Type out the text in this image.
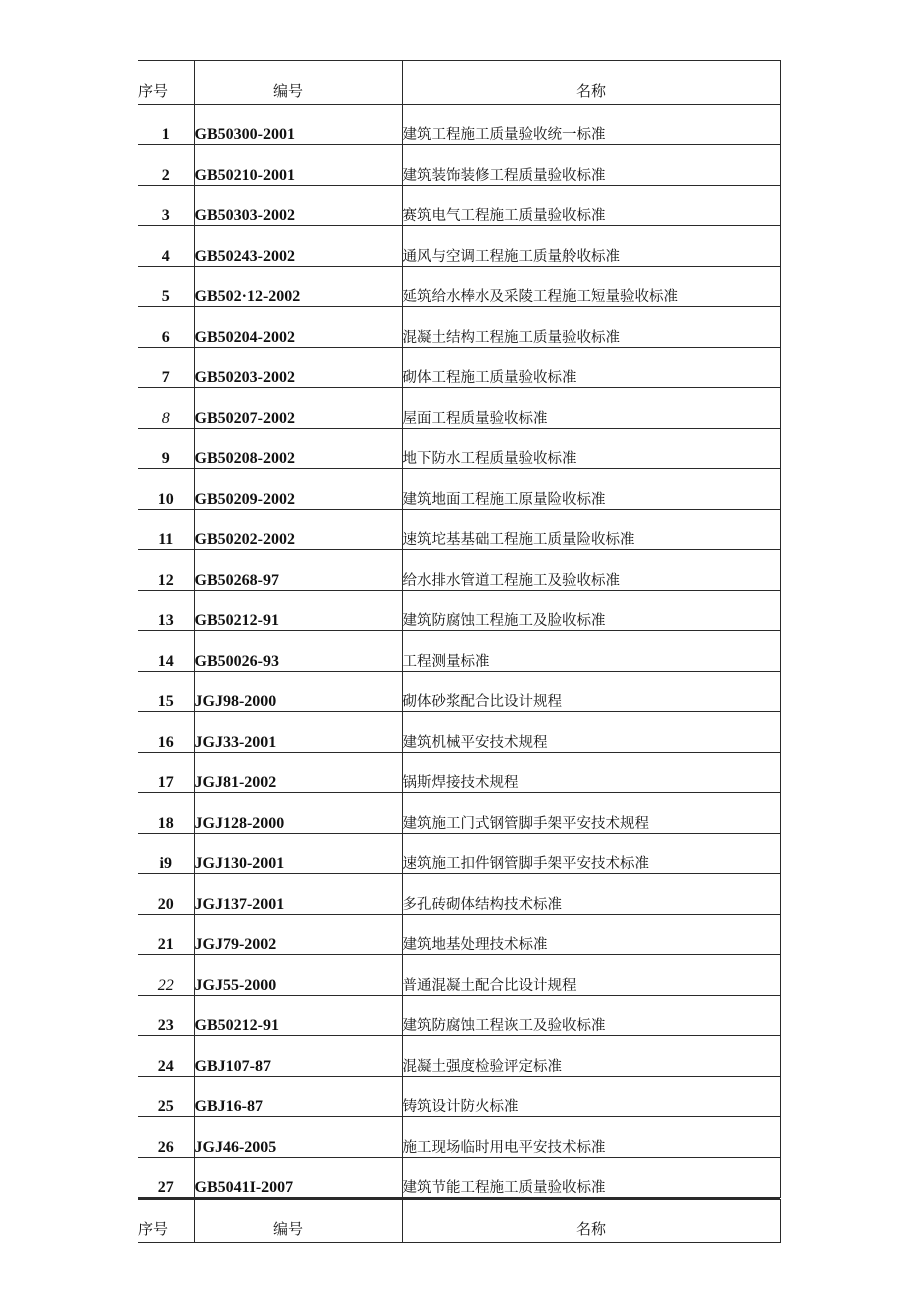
序号	编号	名称
1	GB50300-2001	建筑工程施工质量验收统一标准
2	GB50210-2001	建筑装饰装修工程质量验收标准
3	GB50303-2002	赛筑电气工程施工质量验收标准
4	GB50243-2002	通风与空调工程施工质量舲收标准
5	GB502·12-2002	延筑给水棒水及采陵工程施工短量验收标准
6	GB50204-2002	混凝土结构工程施工质量验收标准
7	GB50203-2002	砌体工程施工质量验收标准
8	GB50207-2002	屋面工程质量验收标准
9	GB50208-2002	地下防水工程质量验收标准
10	GB50209-2002	建筑地面工程施工原量险收标准
11	GB50202-2002	速筑坨基基础工程施工质量险收标准
12	GB50268-97	给水排水管道工程施工及验收标准
13	GB50212-91	建筑防腐蚀工程施工及脸收标准
14	GB50026-93	工程测量标准
15	JGJ98-2000	砌体砂浆配合比设计规程
16	JGJ33-2001	建筑机械平安技术规程
17	JGJ81-2002	锅斯焊接技术规程
18	JGJ128-2000	建筑施工门式钢管脚手架平安技术规程
i9	JGJ130-2001	速筑施工扣件钢管脚手架平安技术标准
20	JGJ137-2001	多孔砖砌体结构技术标准
21	JGJ79-2002	建筑地基处理技术标准
22	JGJ55-2000	普通混凝土配合比设计规程
23	GB50212-91	建筑防腐蚀工程诙工及验收标准
24	GBJ107-87	混凝土强度检验评定标准
25	GBJ16-87	铸筑设计防火标准
26	JGJ46-2005	施工现场临时用电平安技术标准
27	GB5041I-2007	建筑节能工程施工质量验收标准
序号	编号	名称
